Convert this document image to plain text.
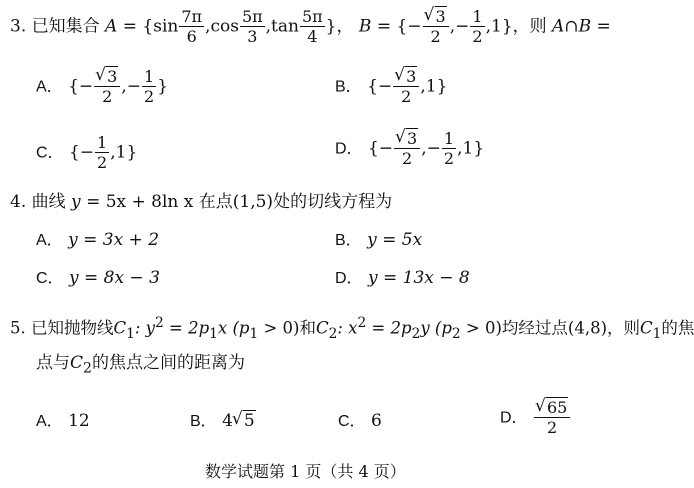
3. 已知集合 $A = \{\sin \frac{7\pi}{6} ,\cos \frac{5\pi}{3} ,\tan \frac{5\pi}{4}$ }， B = {− $\frac{√ 3}{2}$ ,− $\frac{1}{2} ,1$}，则 A∩B =
A． {− $\frac{√ 3}{2}$ ,− $\frac{1}{2}$ }	B． {− $\frac{√ 3}{2} ,1$}
C． {− $\frac{1}{2} ,1$}	D． {− $\frac{√ 3}{2}$ ,− $\frac{1}{2} ,1$}
4. 曲线 y = 5x + 8ln x 在点(1,5)处的切线方程为
A． y = 3x + 2	B． y = 5x
C． y = 8x − 3	D． y = 13x − 8
5. 已知抛物线$C_1$: $y^2 = 2p_1x$ $(p_1 > 0)$和$C_2$: $x^2 = 2p_2y$ $(p_2 > 0)$均经过点(4,8)，则$C_1$的焦
点与$C_2$的焦点之间的距离为
A． 12	B． 4 √ 5	C． 6	D． $\frac{√ 65}{2}$
数学试题第 1 页（共 4 页）
